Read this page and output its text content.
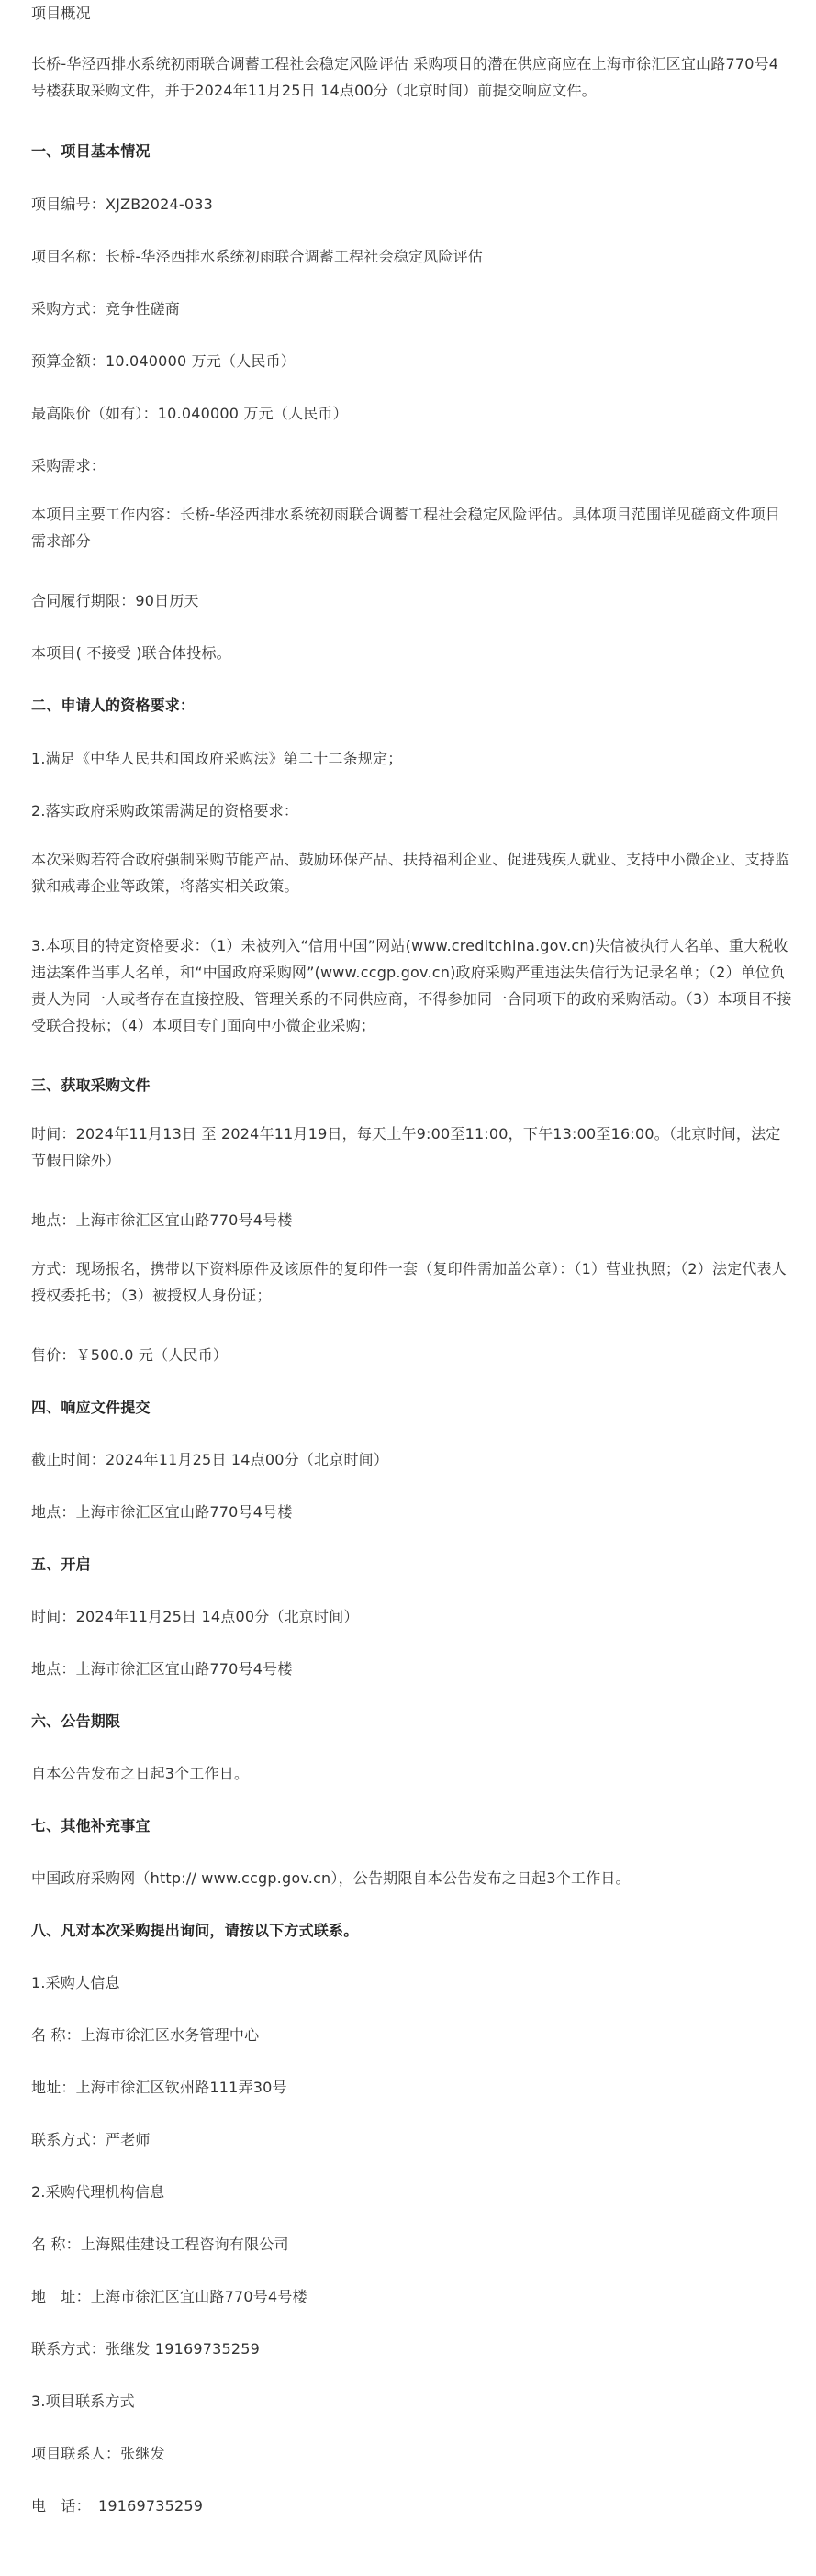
项目概况
长桥-华泾西排水系统初雨联合调蓄工程社会稳定风险评估 采购项目的潜在供应商应在上海市徐汇区宜山路770号4号楼获取采购文件，并于2024年11月25日 14点00分（北京时间）前提交响应文件。
一、项目基本情况
项目编号：XJZB2024-033
项目名称：长桥-华泾西排水系统初雨联合调蓄工程社会稳定风险评估
采购方式：竞争性磋商
预算金额：10.040000 万元（人民币）
最高限价（如有）：10.040000 万元（人民币）
采购需求：
本项目主要工作内容：长桥-华泾西排水系统初雨联合调蓄工程社会稳定风险评估。具体项目范围详见磋商文件项目需求部分
合同履行期限：90日历天
本项目( 不接受 )联合体投标。
二、申请人的资格要求：
1.满足《中华人民共和国政府采购法》第二十二条规定；
2.落实政府采购政策需满足的资格要求：
本次采购若符合政府强制采购节能产品、鼓励环保产品、扶持福利企业、促进残疾人就业、支持中小微企业、支持监狱和戒毒企业等政策，将落实相关政策。
3.本项目的特定资格要求：（1）未被列入“信用中国”网站(www.creditchina.gov.cn)失信被执行人名单、重大税收违法案件当事人名单，和“中国政府采购网”(www.ccgp.gov.cn)政府采购严重违法失信行为记录名单；（2）单位负责人为同一人或者存在直接控股、管理关系的不同供应商，不得参加同一合同项下的政府采购活动。（3）本项目不接受联合投标；（4）本项目专门面向中小微企业采购；
三、获取采购文件
时间：2024年11月13日 至 2024年11月19日，每天上午9:00至11:00，下午13:00至16:00。（北京时间，法定节假日除外）
地点：上海市徐汇区宜山路770号4号楼
方式：现场报名，携带以下资料原件及该原件的复印件一套（复印件需加盖公章）：（1）营业执照；（2）法定代表人授权委托书；（3）被授权人身份证；
售价：￥500.0 元（人民币）
四、响应文件提交
截止时间：2024年11月25日 14点00分（北京时间）
地点：上海市徐汇区宜山路770号4号楼
五、开启
时间：2024年11月25日 14点00分（北京时间）
地点：上海市徐汇区宜山路770号4号楼
六、公告期限
自本公告发布之日起3个工作日。
七、其他补充事宜
中国政府采购网（http:// www.ccgp.gov.cn），公告期限自本公告发布之日起3个工作日。
八、凡对本次采购提出询问，请按以下方式联系。
1.采购人信息
名 称：上海市徐汇区水务管理中心
地址：上海市徐汇区钦州路111弄30号
联系方式：严老师
2.采购代理机构信息
名 称：上海熙佳建设工程咨询有限公司
地　址：上海市徐汇区宜山路770号4号楼
联系方式：张继发 19169735259
3.项目联系方式
项目联系人：张继发
电　话：　19169735259
